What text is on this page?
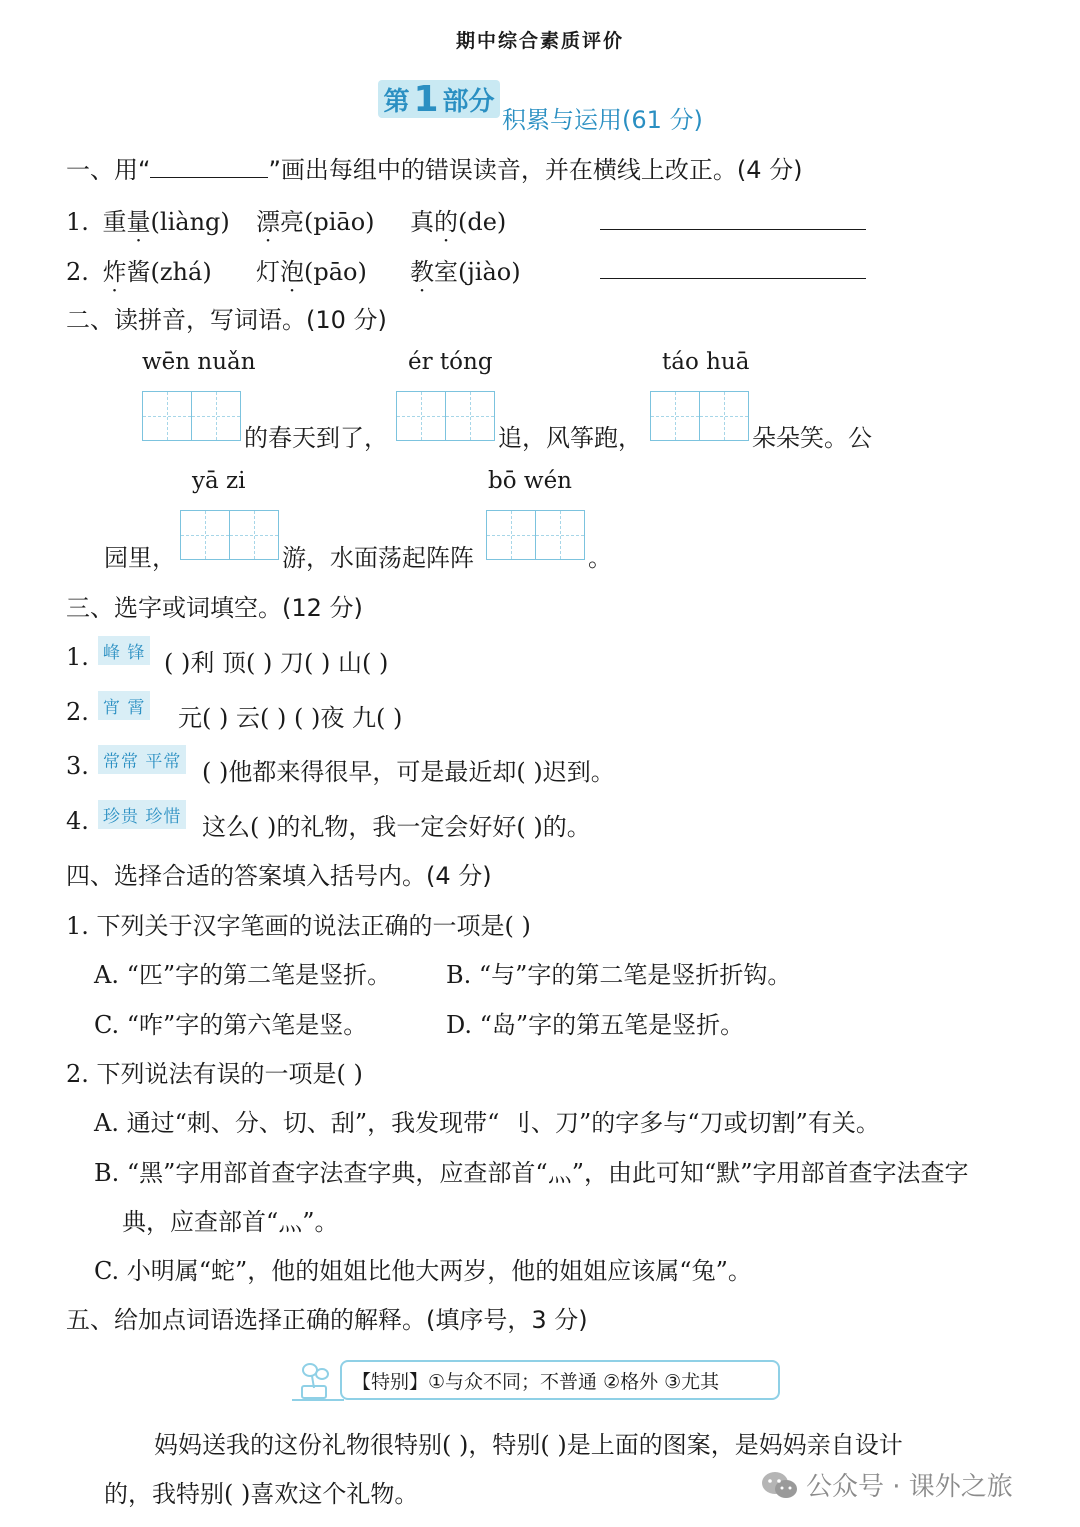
期中综合素质评价
第 1 部分
积累与运用(61 分)
一、用“	”画出每组中的错误读音，并在横线上改正。(4 分)
1. 重量(liàng) 漂亮(piāo) 真的(de)
2. 炸酱(zhá) 灯泡(pāo) 教室(jiào)
二、读拼音，写词语。(10 分)
wēn nuǎn	ér tóng	táo huā
的春天到了，	追，风筝跑，	朵朵笑。公
yā zi	bō wén
园里，	游，水面荡起阵阵	。
三、选字或词填空。(12 分)
1. 峰 锋 ( )利 顶( ) 刀( ) 山( )
2. 宵 霄 元( ) 云( ) ( )夜 九( )
3. 常常 平常 ( )他都来得很早，可是最近却( )迟到。
4. 珍贵 珍惜 这么( )的礼物，我一定会好好( )的。
四、选择合适的答案填入括号内。(4 分)
1. 下列关于汉字笔画的说法正确的一项是( )
A. “匹”字的第二笔是竖折。 B. “与”字的第二笔是竖折折钩。
C. “咋”字的第六笔是竖。	D. “岛”字的第五笔是竖折。
2. 下列说法有误的一项是( )
A. 通过“刺、分、切、刮”，我发现带“ 刂、刀”的字多与“刀或切割”有关。
B. “黑”字用部首查字法查字典，应查部首“灬”，由此可知“默”字用部首查字法查字
典，应查部首“灬”。
C. 小明属“蛇”，他的姐姐比他大两岁，他的姐姐应该属“兔”。
五、给加点词语选择正确的解释。(填序号，3 分)
【特别】①与众不同；不普通 ②格外 ③尤其
妈妈送我的这份礼物很特别( )，特别( )是上面的图案，是妈妈亲自设计
的，我特别( )喜欢这个礼物。	公众号 · 课外之旅
